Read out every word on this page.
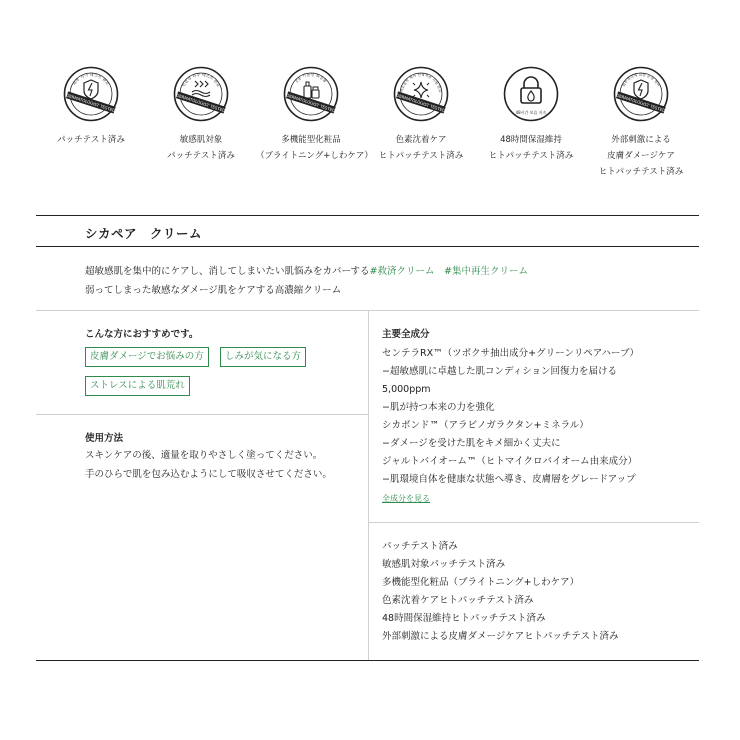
피부 자극 테스트 완료
DERMATOLOGIST TESTED
パッチテスト済み
민감성 피부 테스트 완료
DERMATOLOGIST TESTED
敏感肌対象
パッチテスト済み
2중 기능성 화장품
DERMATOLOGIST TESTED
多機能型化粧品
（ブライトニング+しわケア）
색소침착 케어 인체적용 시험 완료
DERMATOLOGIST TESTED
色素沈着ケア
ヒトパッチテスト済み
48시간 보습 지속
48時間保湿維持
ヒトパッチテスト済み
외부자극에 의한 손상 케어
DERMATOLOGIST TESTED
外部刺激による
皮膚ダメージケア
ヒトパッチテスト済み
シカペア　クリーム
超敏感肌を集中的にケアし、消してしまいたい肌悩みをカバーする#救済クリーム　#集中再生クリーム
弱ってしまった敏感なダメージ肌をケアする高濃縮クリーム
こんな方におすすめです。
皮膚ダメージでお悩みの方	しみが気になる方
ストレスによる肌荒れ
使用方法
スキンケアの後、適量を取りやさしく塗ってください。
手のひらで肌を包み込むようにして吸収させてください。
主要全成分
センテラRX™（ツボクサ抽出成分+グリーンリペアハーブ）
−超敏感肌に卓越した肌コンディション回復力を届ける
5,000ppm
−肌が持つ本来の力を強化
シカボンド™（アラビノガラクタン+ミネラル）
−ダメージを受けた肌をキメ細かく丈夫に
ジャルトバイオーム™（ヒトマイクロバイオーム由来成分）
−肌環境自体を健康な状態へ導き、皮膚層をグレードアップ
全成分を見る
パッチテスト済み
敏感肌対象パッチテスト済み
多機能型化粧品（ブライトニング+しわケア）
色素沈着ケアヒトパッチテスト済み
48時間保湿維持ヒトパッチテスト済み
外部刺激による皮膚ダメージケアヒトパッチテスト済み
